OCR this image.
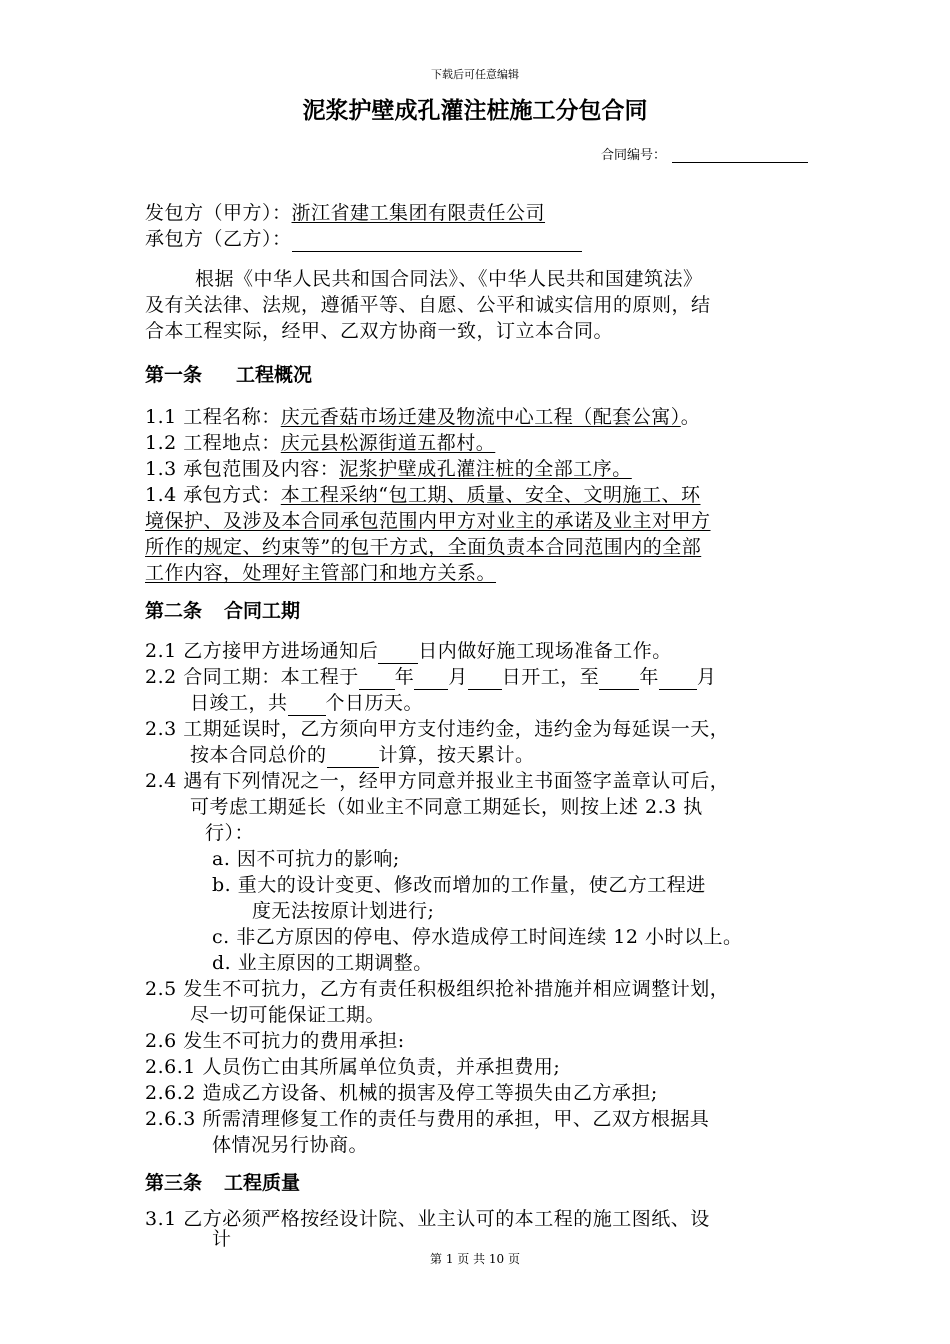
下载后可任意编辑
泥浆护壁成孔灌注桩施工分包合同
合同编号：
发包方（甲方）：浙江省建工集团有限责任公司
承包方（乙方）：
根据《中华人民共和国合同法》、《中华人民共和国建筑法》
及有关法律、法规，遵循平等、自愿、公平和诚实信用的原则，结
合本工程实际，经甲、乙双方协商一致，订立本合同。
第一条 工程概况
1.1 工程名称：庆元香菇市场迁建及物流中心工程（配套公寓）。
1.2 工程地点：庆元县松源街道五都村。
1.3 承包范围及内容：泥浆护壁成孔灌注桩的全部工序。
1.4 承包方式：本工程采纳“包工期、质量、安全、文明施工、环
境保护、及涉及本合同承包范围内甲方对业主的承诺及业主对甲方
所作的规定、约束等”的包干方式，全面负责本合同范围内的全部
工作内容，处理好主管部门和地方关系。
第二条 合同工期
2.1 乙方接甲方进场通知后 日内做好施工现场准备工作。
2.2 合同工期：本工程于 年 月 日开工，至 年 月
日竣工，共 个日历天。
2.3 工期延误时，乙方须向甲方支付违约金，违约金为每延误一天，
按本合同总价的	计算，按天累计。
2.4 遇有下列情况之一，经甲方同意并报业主书面签字盖章认可后，
可考虑工期延长（如业主不同意工期延长，则按上述 2.3 执
行）：
a. 因不可抗力的影响;
b. 重大的设计变更、修改而增加的工作量，使乙方工程进
度无法按原计划进行;
c. 非乙方原因的停电、停水造成停工时间连续 12 小时以上。
d. 业主原因的工期调整。
2.5 发生不可抗力，乙方有责任积极组织抢补措施并相应调整计划，
尽一切可能保证工期。
2.6 发生不可抗力的费用承担:
2.6.1 人员伤亡由其所属单位负责，并承担费用;
2.6.2 造成乙方设备、机械的损害及停工等损失由乙方承担;
2.6.3 所需清理修复工作的责任与费用的承担，甲、乙双方根据具
体情况另行协商。
第三条 工程质量
3.1 乙方必须严格按经设计院、业主认可的本工程的施工图纸、设
计
第 1 页 共 10 页
